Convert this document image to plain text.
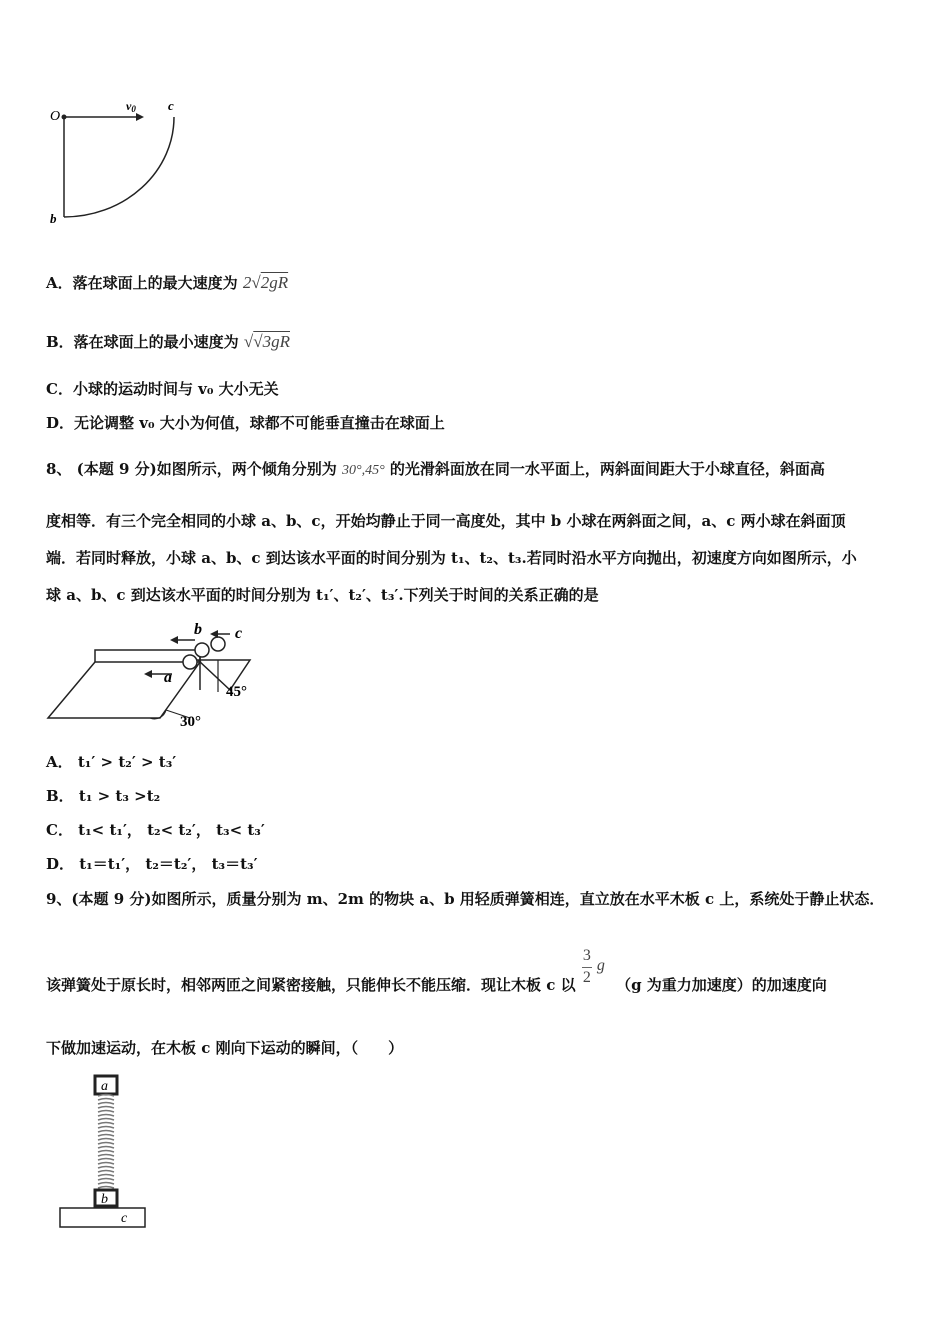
O
v0 c
b
A．落在球面上的最大速度为 2√2gR
B．落在球面上的最小速度为 √√3gR
C．小球的运动时间与 v₀ 大小无关
D．无论调整 v₀ 大小为何值，球都不可能垂直撞击在球面上
8、 (本题 9 分)如图所示，两个倾角分别为 30°,45° 的光滑斜面放在同一水平面上，两斜面间距大于小球直径，斜面高
度相等．有三个完全相同的小球 a、b、c，开始均静止于同一高度处，其中 b 小球在两斜面之间，a、c 两小球在斜面顶
端．若同时释放，小球 a、b、c 到达该水平面的时间分别为 t₁、t₂、t₃.若同时沿水平方向抛出，初速度方向如图所示，小
球 a、b、c 到达该水平面的时间分别为 t₁′、t₂′、t₃′.下列关于时间的关系正确的是
a
b c
30°
45°
A． t₁′ > t₂′ > t₃′
B． t₁ > t₃ >t₂
C． t₁< t₁′， t₂< t₂′， t₃< t₃′
D． t₁＝t₁′， t₂＝t₂′， t₃＝t₃′
9、(本题 9 分)如图所示，质量分别为 m、2m 的物块 a、b 用轻质弹簧相连，直立放在水平木板 c 上，系统处于静止状态．
该弹簧处于原长时，相邻两匝之间紧密接触，只能伸长不能压缩．现让木板 c 以
3
2
g
（g 为重力加速度）的加速度向
下做加速运动，在木板 c 刚向下运动的瞬间，（　　）
a
b
c
